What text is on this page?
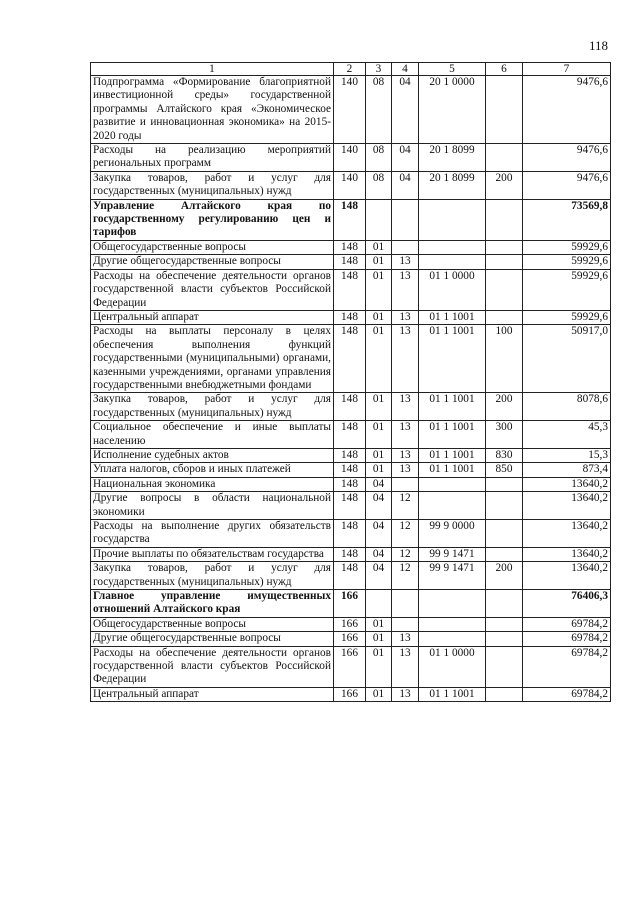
118
1	2	3	4	5	6	7
Подпрограмма «Формирование благоприятной инвестиционной среды» государственной программы Алтайского края «Экономическое развитие и инновационная экономика» на 2015-2020 годы	140	08	04	20 1 0000		9476,6
Расходы на реализацию мероприятий региональных программ	140	08	04	20 1 8099		9476,6
Закупка товаров, работ и услуг для государственных (муниципальных) нужд	140	08	04	20 1 8099	200	9476,6
Управление Алтайского края по государственному регулированию цен и тарифов	148					73569,8
Общегосударственные вопросы	148	01				59929,6
Другие общегосударственные вопросы	148	01	13			59929,6
Расходы на обеспечение деятельности органов государственной власти субъектов Российской Федерации	148	01	13	01 1 0000		59929,6
Центральный аппарат	148	01	13	01 1 1001		59929,6
Расходы на выплаты персоналу в целях обеспечения выполнения функций государственными (муниципальными) органами, казенными учреждениями, органами управления государственными внебюджетными фондами	148	01	13	01 1 1001	100	50917,0
Закупка товаров, работ и услуг для государственных (муниципальных) нужд	148	01	13	01 1 1001	200	8078,6
Социальное обеспечение и иные выплаты населению	148	01	13	01 1 1001	300	45,3
Исполнение судебных актов	148	01	13	01 1 1001	830	15,3
Уплата налогов, сборов и иных платежей	148	01	13	01 1 1001	850	873,4
Национальная экономика	148	04				13640,2
Другие вопросы в области национальной экономики	148	04	12			13640,2
Расходы на выполнение других обязательств государства	148	04	12	99 9 0000		13640,2
Прочие выплаты по обязательствам государства	148	04	12	99 9 1471		13640,2
Закупка товаров, работ и услуг для государственных (муниципальных) нужд	148	04	12	99 9 1471	200	13640,2
Главное управление имущественных отношений Алтайского края	166					76406,3
Общегосударственные вопросы	166	01				69784,2
Другие общегосударственные вопросы	166	01	13			69784,2
Расходы на обеспечение деятельности органов государственной власти субъектов Российской Федерации	166	01	13	01 1 0000		69784,2
Центральный аппарат	166	01	13	01 1 1001		69784,2
